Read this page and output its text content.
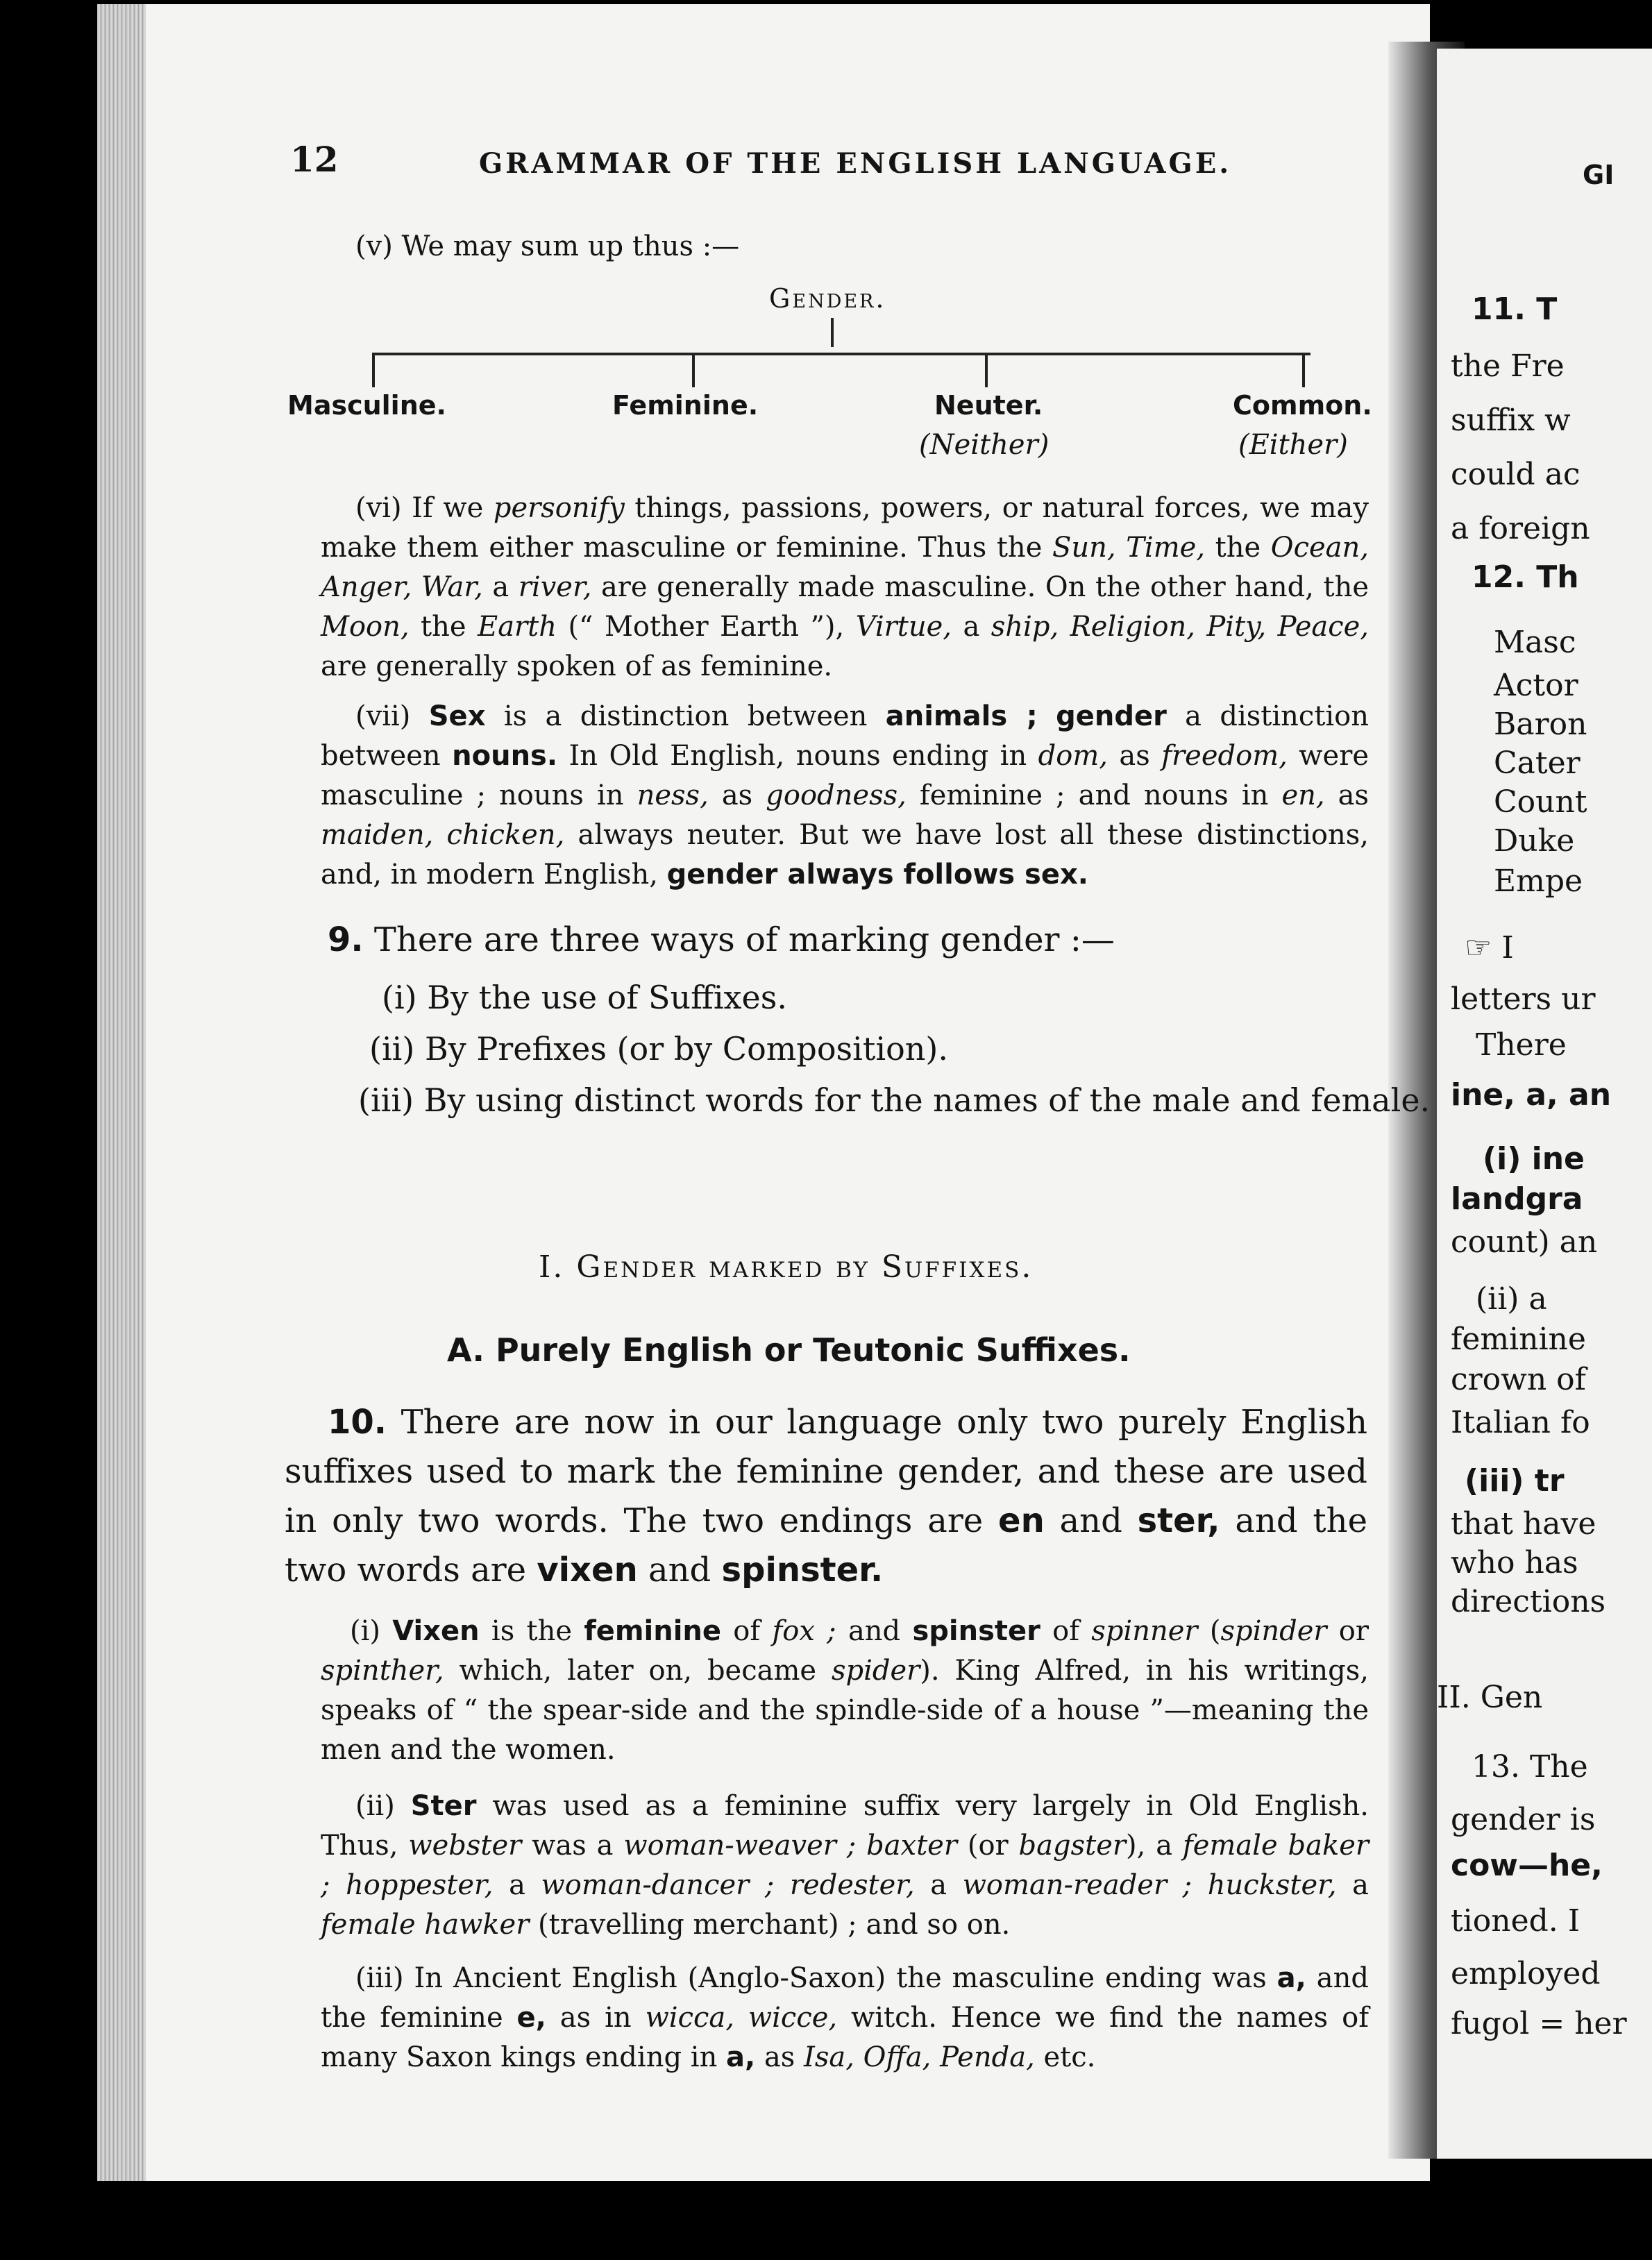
12	GRAMMAR OF THE ENGLISH LANGUAGE.
(v) We may sum up thus :—
Gender.
Masculine.	Feminine.	Neuter.	Common.
(Neither)	(Either)
(vi) If we personify things, passions, powers, or natural forces, we may make them either masculine or feminine. Thus the Sun, Time, the Ocean, Anger, War, a river, are generally made masculine. On the other hand, the Moon, the Earth (“ Mother Earth ”), Virtue, a ship, Religion, Pity, Peace, are generally spoken of as feminine.
(vii) Sex is a distinction between animals ; gender a distinction between nouns. In Old English, nouns ending in dom, as freedom, were masculine ; nouns in ness, as goodness, feminine ; and nouns in en, as maiden, chicken, always neuter. But we have lost all these distinctions, and, in modern English, gender always follows sex.
9. There are three ways of marking gender :—
(i) By the use of Suffixes.
(ii) By Prefixes (or by Composition).
(iii) By using distinct words for the names of the male and female.
I. Gender marked by Suffixes.
A. Purely English or Teutonic Suffixes.
10. There are now in our language only two purely English suffixes used to mark the feminine gender, and these are used in only two words. The two endings are en and ster, and the two words are vixen and spinster.
(i) Vixen is the feminine of fox ; and spinster of spinner (spinder or spinther, which, later on, became spider). King Alfred, in his writings, speaks of “ the spear-side and the spindle-side of a house ”—meaning the men and the women.
(ii) Ster was used as a feminine suffix very largely in Old English. Thus, webster was a woman-weaver ; baxter (or bagster), a female baker ; hoppester, a woman-dancer ; redester, a woman-reader ; huckster, a female hawker (travelling merchant) ; and so on.
(iii) In Ancient English (Anglo-Saxon) the masculine ending was a, and the feminine e, as in wicca, wicce, witch. Hence we find the names of many Saxon kings ending in a, as Isa, Offa, Penda, etc.
GI
11. T
the Fre
suffix w
could ac
a foreign
12. Th
Masc
Actor
Baron
Cater
Count
Duke
Empe
☞ I
letters ur
There
ine, a, an
(i) ine
landgra
count) an
(ii) a
feminine
crown of
Italian fo
(iii) tr
that have
who has
directions
II. Gen
13. The
gender is
cow—he,
tioned. I
employed
fugol = her
